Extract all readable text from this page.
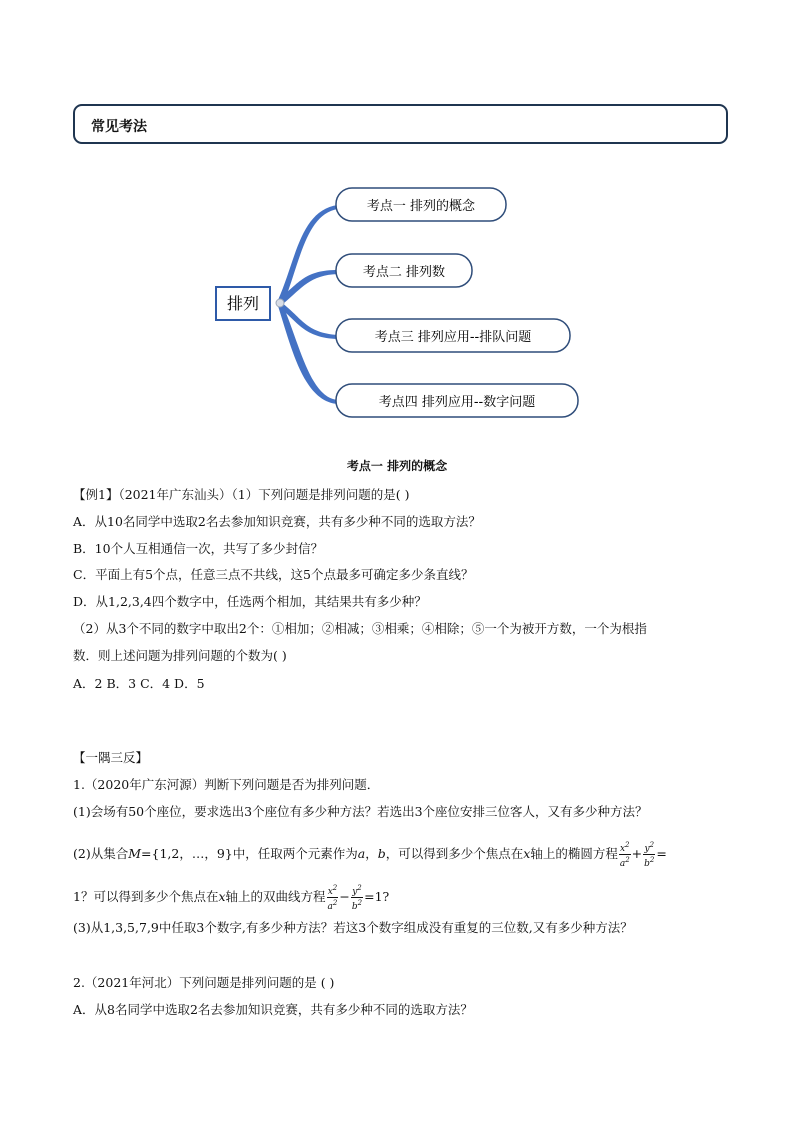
常见考法
排列
考点一 排列的概念
考点二 排列数
考点三 排列应用--排队问题
考点四 排列应用--数字问题
考点一 排列的概念
【例1】（2021年广东汕头）（1）下列问题是排列问题的是( )
A．从10名同学中选取2名去参加知识竞赛，共有多少种不同的选取方法？
B．10个人互相通信一次，共写了多少封信？
C．平面上有5个点，任意三点不共线，这5个点最多可确定多少条直线？
D．从1,2,3,4四个数字中，任选两个相加，其结果共有多少种？
（2）从3个不同的数字中取出2个：①相加；②相减；③相乘；④相除；⑤一个为被开方数，一个为根指
数．则上述问题为排列问题的个数为( )
A．2 B．3 C．4 D．5
【一隅三反】
1.（2020年广东河源）判断下列问题是否为排列问题．
(1)会场有50个座位，要求选出3个座位有多少种方法？若选出3个座位安排三位客人，又有多少种方法？
(2)从集合M={1,2，…，9}中，任取两个元素作为a，b，可以得到多少个焦点在x轴上的椭圆方程 $\frac{x^2}{a^2} + \frac{y^2}{b^2}$ =
1？可以得到多少个焦点在x轴上的双曲线方程 $\frac{x^2}{a^2} - \frac{y^2}{b^2} =1$?
(3)从1,3,5,7,9中任取3个数字,有多少种方法？若这3个数字组成没有重复的三位数,又有多少种方法？
2.（2021年河北）下列问题是排列问题的是 ( )
A．从8名同学中选取2名去参加知识竞赛，共有多少种不同的选取方法？
